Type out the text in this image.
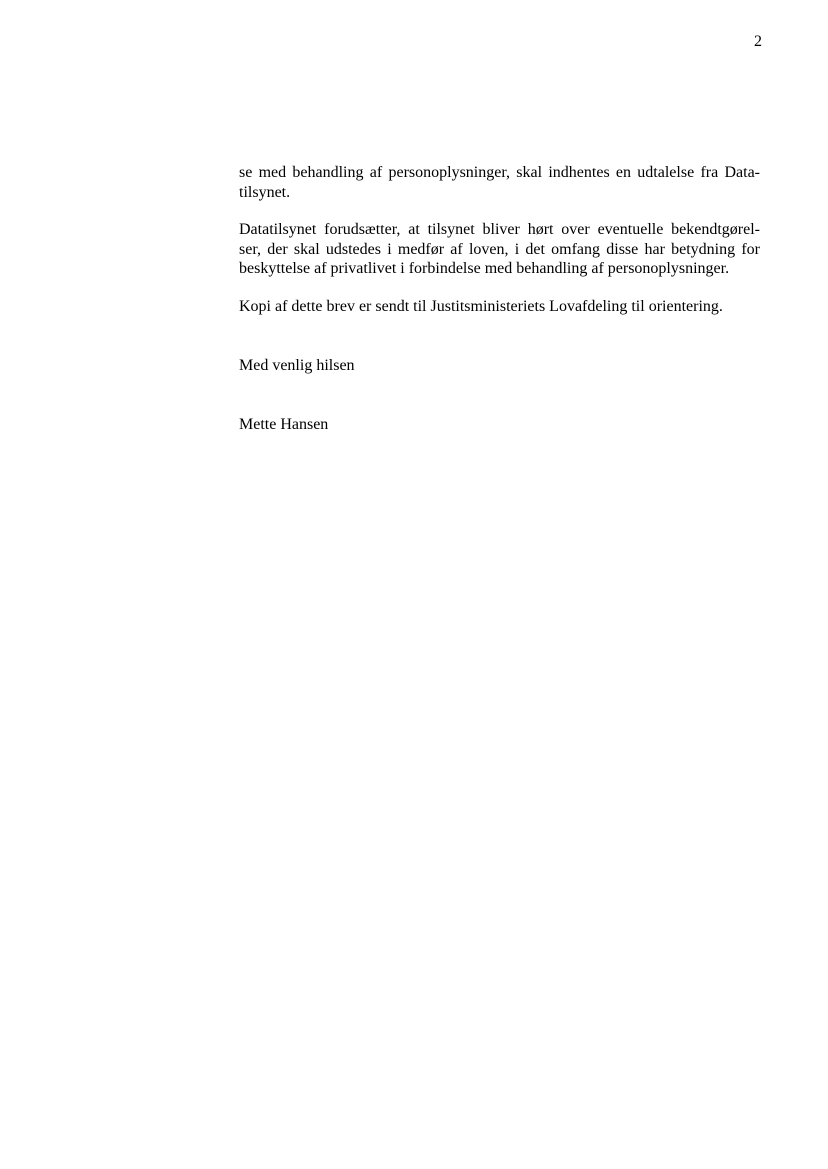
2

se med behandling af personoplysninger, skal indhentes en udtalelse fra Data-
tilsynet.

Datatilsynet forudsætter, at tilsynet bliver hørt over eventuelle bekendtgørel-
ser, der skal udstedes i medfør af loven, i det omfang disse har betydning for
beskyttelse af privatlivet i forbindelse med behandling af personoplysninger.

Kopi af dette brev er sendt til Justitsministeriets Lovafdeling til orientering.

Med venlig hilsen

Mette Hansen
